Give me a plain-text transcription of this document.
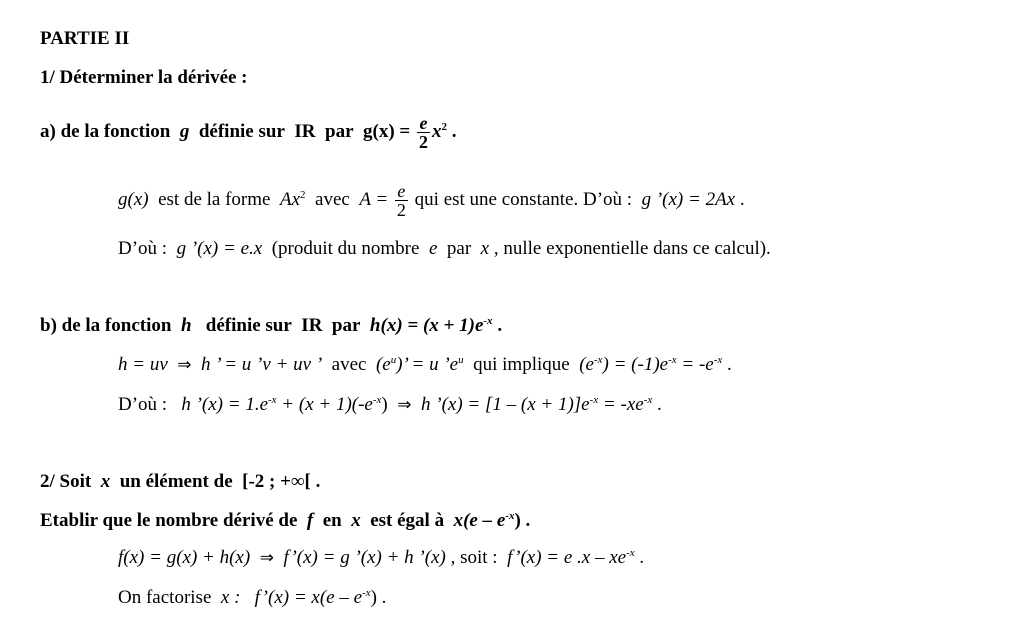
PARTIE II
1/ Déterminer la dérivée :
a) de la fonction g définie sur IR par $g(x) = \frac{e}{2} x^2$ .
g(x) est de la forme Ax$^2$ avec $A = \frac{e}{2}$ qui est une constante. D’où : g ’(x) = 2Ax .
D’où : g ’(x) = e.x (produit du nombre e par x , nulle exponentielle dans ce calcul).
b) de la fonction h définie sur IR par $h(x) = (x + 1)e^{-x}$ .
h = uv ⇒ h ’ = u ’v + uv ’ avec $(e^u)$’ = u $’e^u$ qui implique $(e^{-x}) = (-1)e^{-x} = -e^{-x}$ .
D’où : h ’(x) = $1.e^{-x} + (x + 1)(-e^{-x})$ ⇒ h ’(x) = $[1 - (x + 1)]e^{-x} = -xe^{-x}$ .
2/ Soit x un élément de [-2 ; +∞[ .
Etablir que le nombre dérivé de f en x est égal à $x(e - e^{-x})$ .
f(x) = g(x) + h(x) ⇒ f’(x) = g ’(x) + h ’(x) , soit : f’(x) = e .x – $xe^{-x}$ .
On factorise x : f’(x) = $x(e - e^{-x})$ .
